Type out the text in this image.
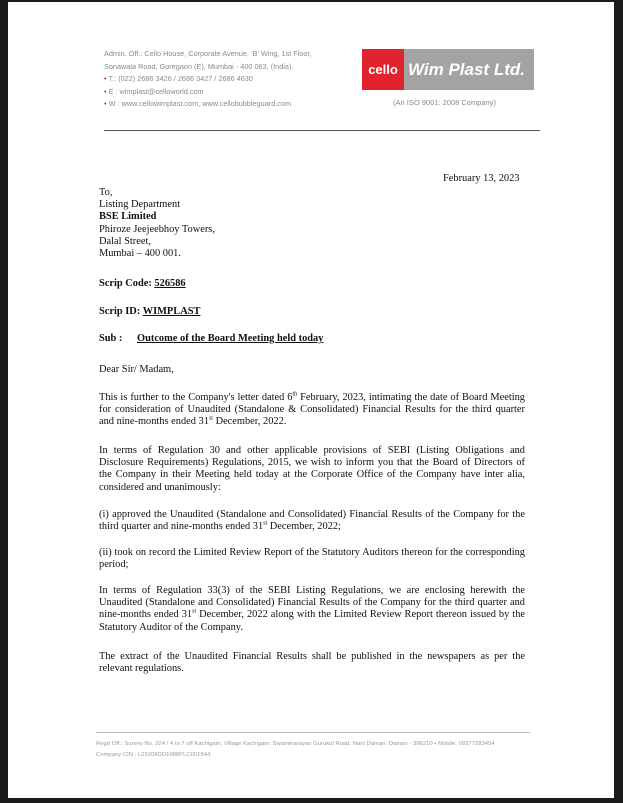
Admin. Off.: Cello House, Corporate Avenue, ‘B’ Wing, 1st Floor,
Sonawala Road, Goregaon (E), Mumbai - 400 063, (India).
• T.: (022) 2686 3426 / 2686 3427 / 2686 4630
• E : wimplast@celloworld.com
• W : www.cellowimplast.com, www.cellobubbleguard.com
cello Wim Plast Ltd.
(An ISO 9001: 2008 Company)
February 13, 2023
To,
Listing Department
BSE Limited
Phiroze Jeejeebhoy Towers,
Dalal Street,
Mumbai – 400 001.
Scrip Code: 526586
Scrip ID: WIMPLAST
Sub : Outcome of the Board Meeting held today
Dear Sir/ Madam,
This is further to the Company's letter dated 6th February, 2023, intimating the date of Board Meeting for consideration of Unaudited (Standalone & Consolidated) Financial Results for the third quarter and nine-months ended 31st December, 2022.
In terms of Regulation 30 and other applicable provisions of SEBI (Listing Obligations and Disclosure Requirements) Regulations, 2015, we wish to inform you that the Board of Directors of the Company in their Meeting held today at the Corporate Office of the Company have inter alia, considered and unanimously:
(i) approved the Unaudited (Standalone and Consolidated) Financial Results of the Company for the third quarter and nine-months ended 31st December, 2022;
(ii) took on record the Limited Review Report of the Statutory Auditors thereon for the corresponding period;
In terms of Regulation 33(3) of the SEBI Listing Regulations, we are enclosing herewith the Unaudited (Standalone and Consolidated) Financial Results of the Company for the third quarter and nine-months ended 31st December, 2022 along with the Limited Review Report thereon issued by the Statutory Auditor of the Company.
The extract of the Unaudited Financial Results shall be published in the newspapers as per the relevant regulations.
Regd Off.: Survey No. 324 / 4 to 7 off Kachigam, Village Kachigam, Swaminarayan Gurukul Road, Nani Daman, Daman - 396210 • Mobile: 09377283454
Company CIN : L25209DD1988PLC001544
